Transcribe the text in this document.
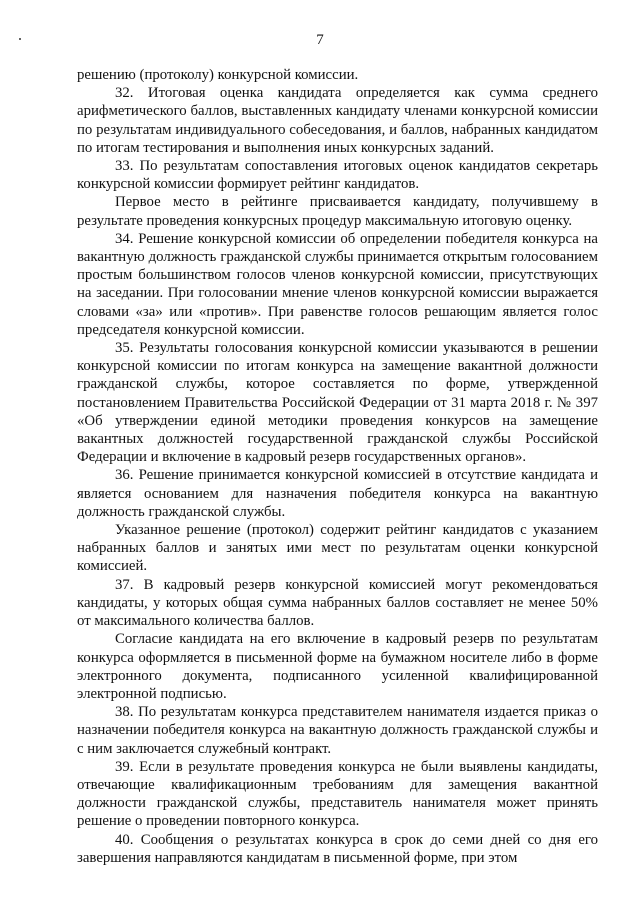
7

решению (протоколу) конкурсной комиссии.

32. Итоговая оценка кандидата определяется как сумма среднего арифметического баллов, выставленных кандидату членами конкурсной комиссии по результатам индивидуального собеседования, и баллов, набранных кандидатом по итогам тестирования и выполнения иных конкурсных заданий.

33. По результатам сопоставления итоговых оценок кандидатов секретарь конкурсной комиссии формирует рейтинг кандидатов.

Первое место в рейтинге присваивается кандидату, получившему в результате проведения конкурсных процедур максимальную итоговую оценку.

34. Решение конкурсной комиссии об определении победителя конкурса на вакантную должность гражданской службы принимается открытым голосованием простым большинством голосов членов конкурсной комиссии, присутствующих на заседании. При голосовании мнение членов конкурсной комиссии выражается словами «за» или «против». При равенстве голосов решающим является голос председателя конкурсной комиссии.

35. Результаты голосования конкурсной комиссии указываются в решении конкурсной комиссии по итогам конкурса на замещение вакантной должности гражданской службы, которое составляется по форме, утвержденной постановлением Правительства Российской Федерации от 31 марта 2018 г. № 397 «Об утверждении единой методики проведения конкурсов на замещение вакантных должностей государственной гражданской службы Российской Федерации и включение в кадровый резерв государственных органов».

36. Решение принимается конкурсной комиссией в отсутствие кандидата и является основанием для назначения победителя конкурса на вакантную должность гражданской службы.

Указанное решение (протокол) содержит рейтинг кандидатов с указанием набранных баллов и занятых ими мест по результатам оценки конкурсной комиссией.

37. В кадровый резерв конкурсной комиссией могут рекомендоваться кандидаты, у которых общая сумма набранных баллов составляет не менее 50% от максимального количества баллов.

Согласие кандидата на его включение в кадровый резерв по результатам конкурса оформляется в письменной форме на бумажном носителе либо в форме электронного документа, подписанного усиленной квалифицированной электронной подписью.

38. По результатам конкурса представителем нанимателя издается приказ о назначении победителя конкурса на вакантную должность гражданской службы и с ним заключается служебный контракт.

39. Если в результате проведения конкурса не были выявлены кандидаты, отвечающие квалификационным требованиям для замещения вакантной должности гражданской службы, представитель нанимателя может принять решение о проведении повторного конкурса.

40. Сообщения о результатах конкурса в срок до семи дней со дня его завершения направляются кандидатам в письменной форме, при этом
